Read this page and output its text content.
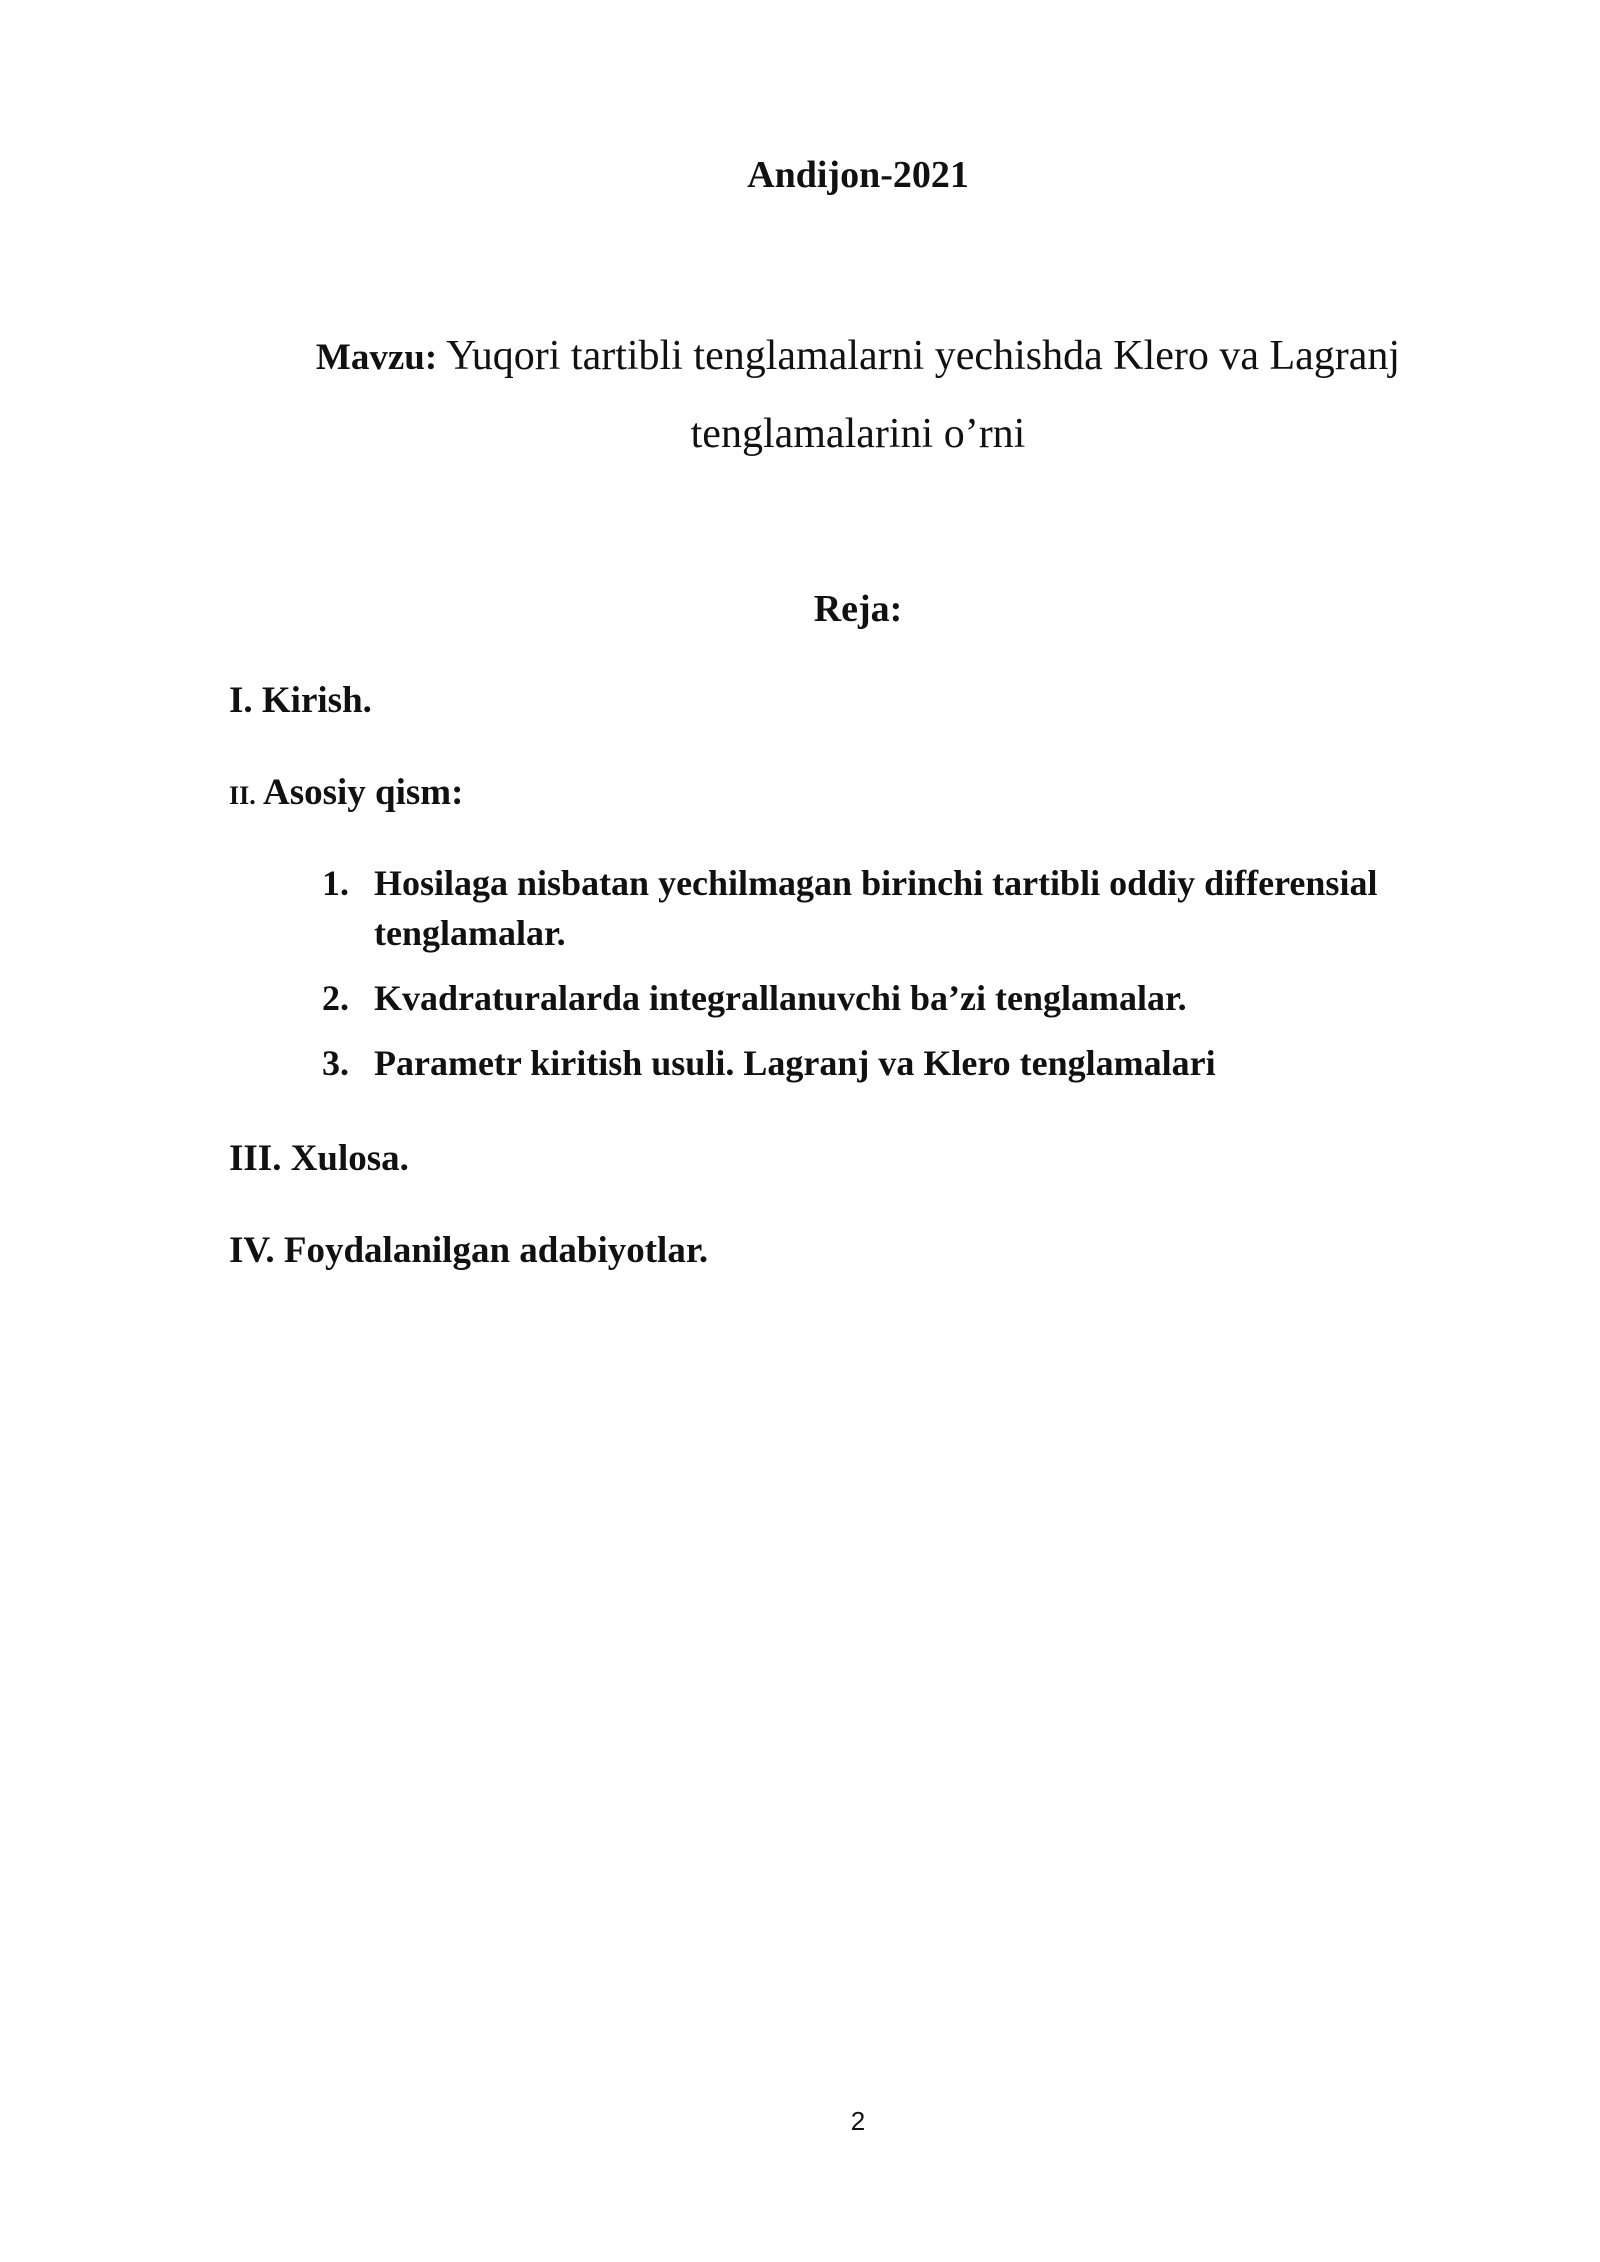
Andijon-2021
Mavzu: Yuqori tartibli tenglamalarni yechishda Klero va Lagranj tenglamalarini o’rni
Reja:
I. Kirish.
II. Asosiy qism:
1. Hosilaga nisbatan yechilmagan birinchi tartibli oddiy differensial tenglamalar.
2. Kvadraturalarda integrallanuvchi ba’zi tenglamalar.
3. Parametr kiritish usuli. Lagranj va Klero tenglamalari
III. Xulosa.
IV. Foydalanilgan adabiyotlar.
2
